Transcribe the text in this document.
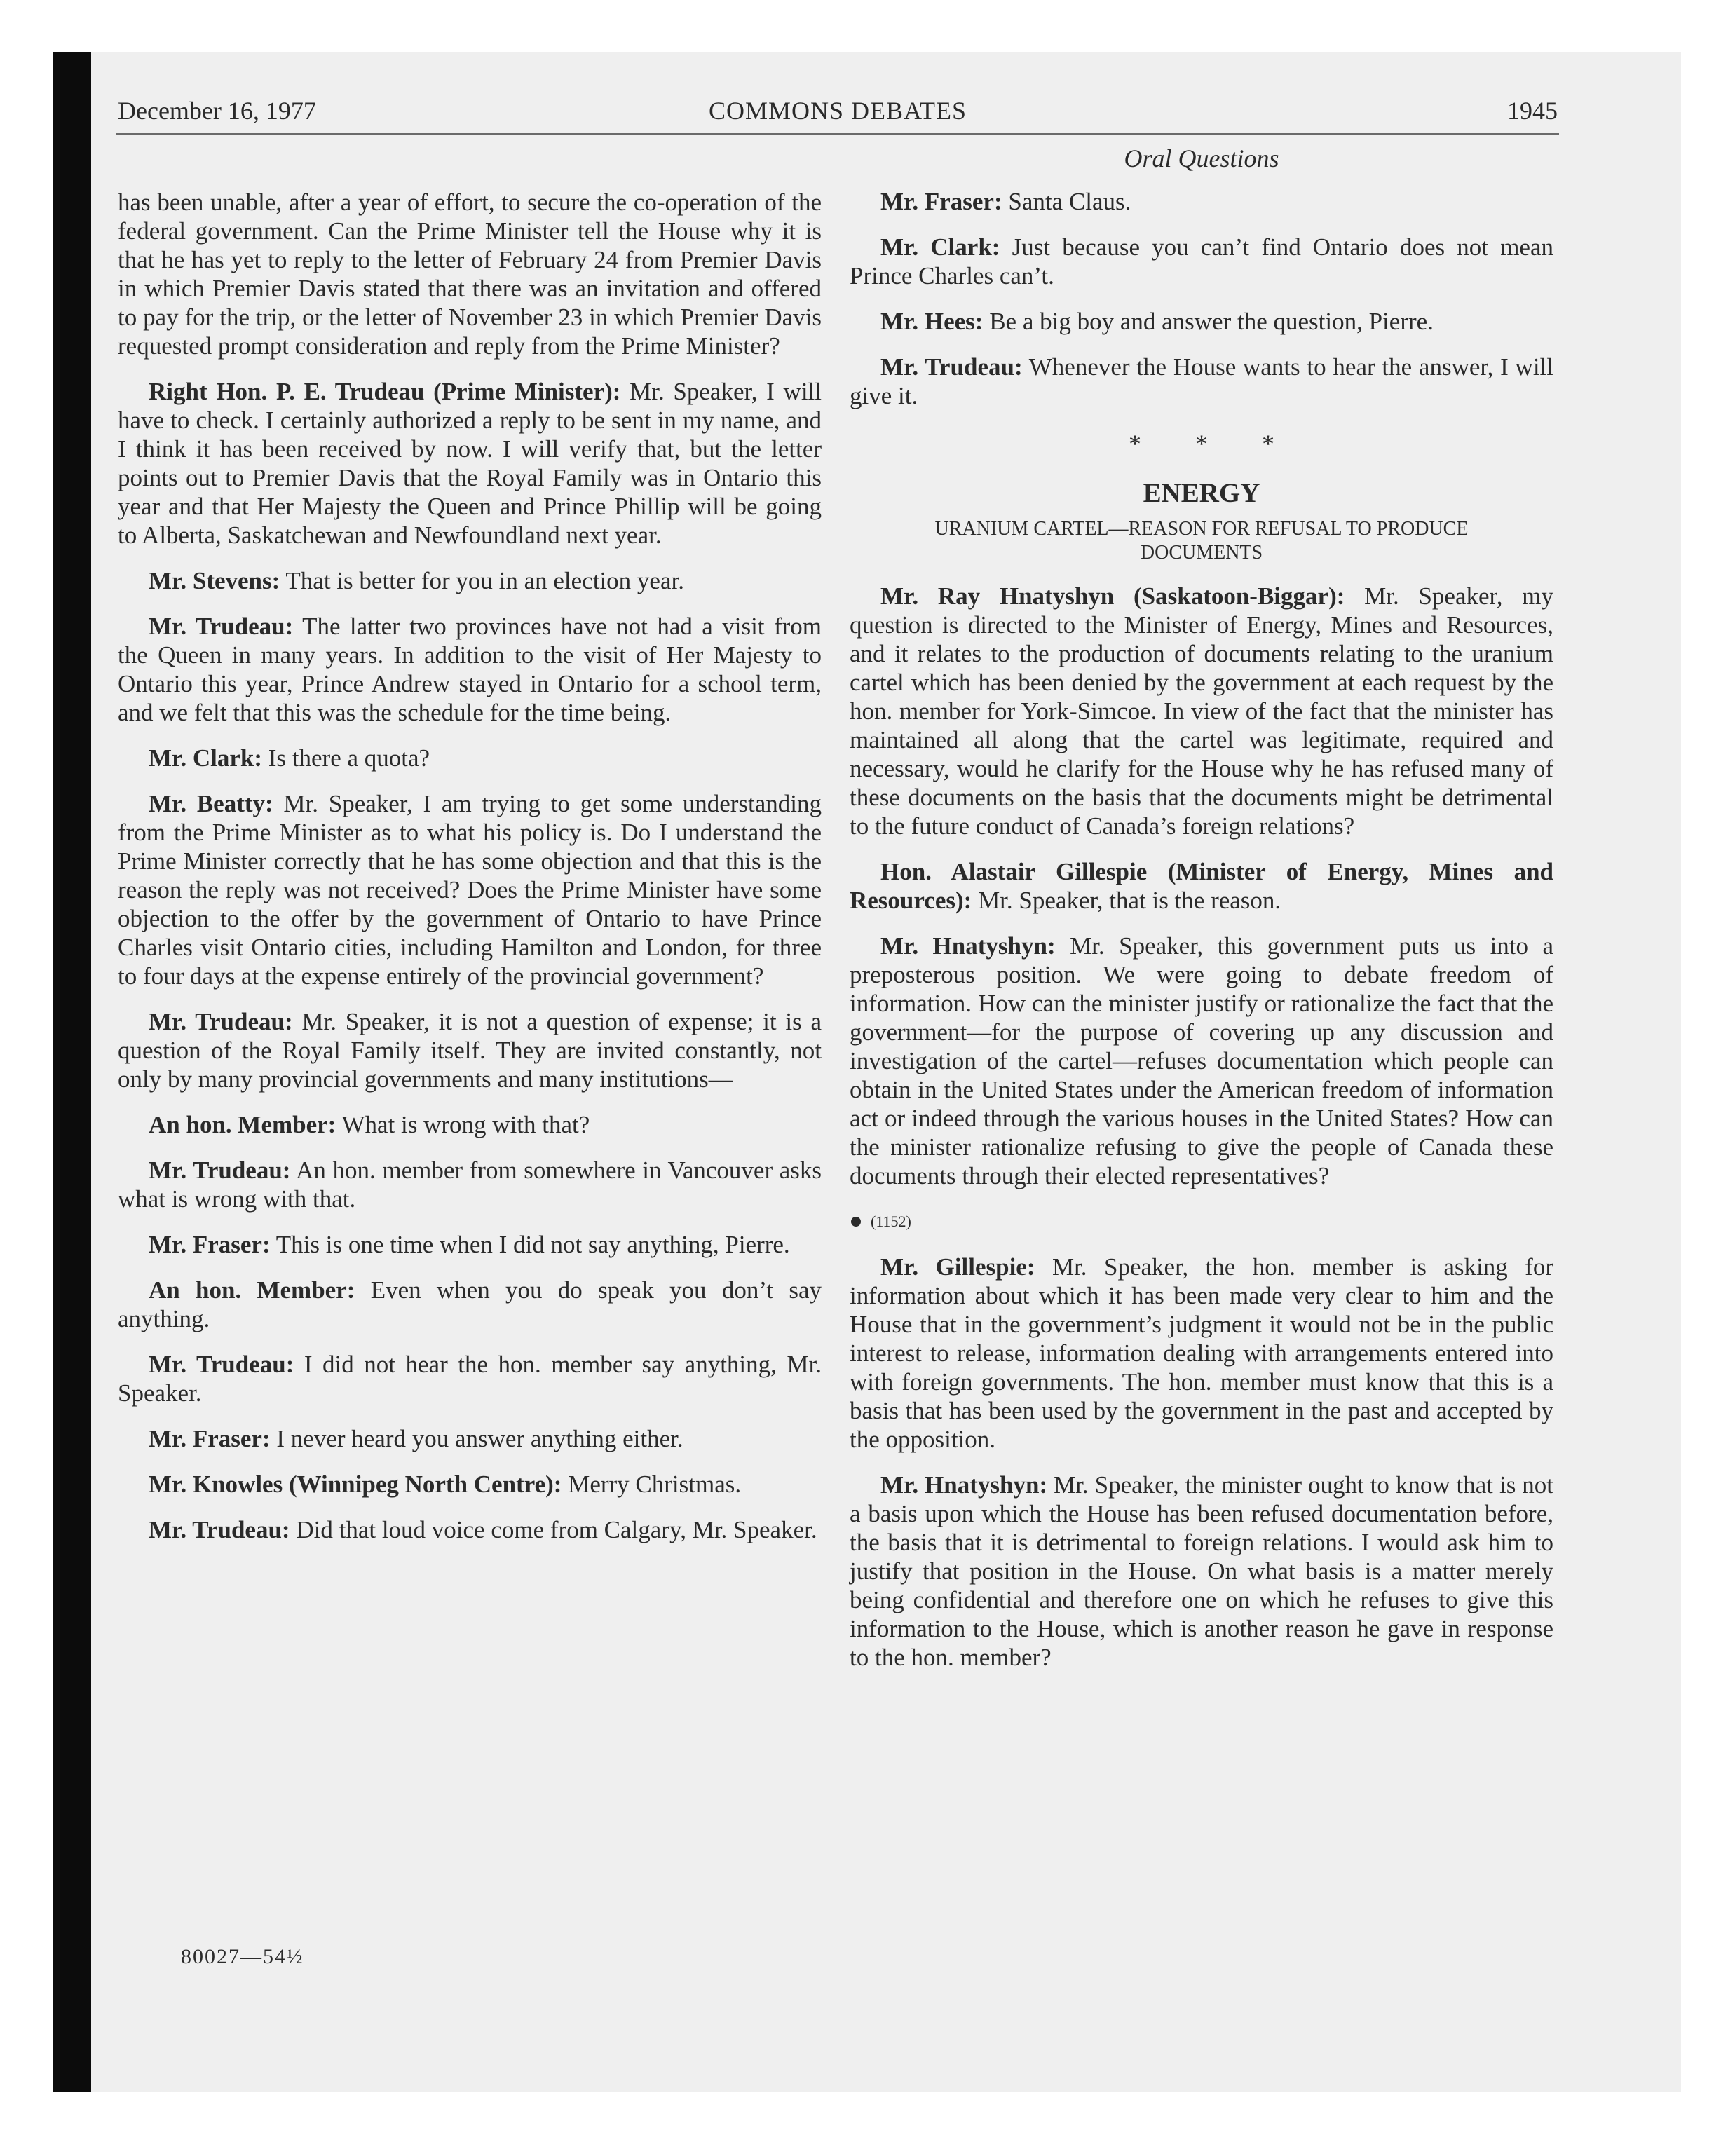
December 16, 1977	COMMONS DEBATES	1945

has been unable, after a year of effort, to secure the co-operation of the federal government. Can the Prime Minister tell the House why it is that he has yet to reply to the letter of February 24 from Premier Davis in which Premier Davis stated that there was an invitation and offered to pay for the trip, or the letter of November 23 in which Premier Davis requested prompt consideration and reply from the Prime Minister?

Right Hon. P. E. Trudeau (Prime Minister): Mr. Speaker, I will have to check. I certainly authorized a reply to be sent in my name, and I think it has been received by now. I will verify that, but the letter points out to Premier Davis that the Royal Family was in Ontario this year and that Her Majesty the Queen and Prince Phillip will be going to Alberta, Saskatchewan and Newfoundland next year.

Mr. Stevens: That is better for you in an election year.

Mr. Trudeau: The latter two provinces have not had a visit from the Queen in many years. In addition to the visit of Her Majesty to Ontario this year, Prince Andrew stayed in Ontario for a school term, and we felt that this was the schedule for the time being.

Mr. Clark: Is there a quota?

Mr. Beatty: Mr. Speaker, I am trying to get some understanding from the Prime Minister as to what his policy is. Do I understand the Prime Minister correctly that he has some objection and that this is the reason the reply was not received? Does the Prime Minister have some objection to the offer by the government of Ontario to have Prince Charles visit Ontario cities, including Hamilton and London, for three to four days at the expense entirely of the provincial government?

Mr. Trudeau: Mr. Speaker, it is not a question of expense; it is a question of the Royal Family itself. They are invited constantly, not only by many provincial governments and many institutions—

An hon. Member: What is wrong with that?

Mr. Trudeau: An hon. member from somewhere in Vancouver asks what is wrong with that.

Mr. Fraser: This is one time when I did not say anything, Pierre.

An hon. Member: Even when you do speak you don’t say anything.

Mr. Trudeau: I did not hear the hon. member say anything, Mr. Speaker.

Mr. Fraser: I never heard you answer anything either.

Mr. Knowles (Winnipeg North Centre): Merry Christmas.

Mr. Trudeau: Did that loud voice come from Calgary, Mr. Speaker.

Oral Questions

Mr. Fraser: Santa Claus.

Mr. Clark: Just because you can’t find Ontario does not mean Prince Charles can’t.

Mr. Hees: Be a big boy and answer the question, Pierre.

Mr. Trudeau: Whenever the House wants to hear the answer, I will give it.

* * *
ENERGY
URANIUM CARTEL—REASON FOR REFUSAL TO PRODUCE DOCUMENTS

Mr. Ray Hnatyshyn (Saskatoon-Biggar): Mr. Speaker, my question is directed to the Minister of Energy, Mines and Resources, and it relates to the production of documents relating to the uranium cartel which has been denied by the government at each request by the hon. member for York-Simcoe. In view of the fact that the minister has maintained all along that the cartel was legitimate, required and necessary, would he clarify for the House why he has refused many of these documents on the basis that the documents might be detrimental to the future conduct of Canada’s foreign relations?

Hon. Alastair Gillespie (Minister of Energy, Mines and Resources): Mr. Speaker, that is the reason.

Mr. Hnatyshyn: Mr. Speaker, this government puts us into a preposterous position. We were going to debate freedom of information. How can the minister justify or rationalize the fact that the government—for the purpose of covering up any discussion and investigation of the cartel—refuses documentation which people can obtain in the United States under the American freedom of information act or indeed through the various houses in the United States? How can the minister rationalize refusing to give the people of Canada these documents through their elected representatives?

(1152)

Mr. Gillespie: Mr. Speaker, the hon. member is asking for information about which it has been made very clear to him and the House that in the government’s judgment it would not be in the public interest to release, information dealing with arrangements entered into with foreign governments. The hon. member must know that this is a basis that has been used by the government in the past and accepted by the opposition.

Mr. Hnatyshyn: Mr. Speaker, the minister ought to know that is not a basis upon which the House has been refused documentation before, the basis that it is detrimental to foreign relations. I would ask him to justify that position in the House. On what basis is a matter merely being confidential and therefore one on which he refuses to give this information to the House, which is another reason he gave in response to the hon. member?

80027—54½
